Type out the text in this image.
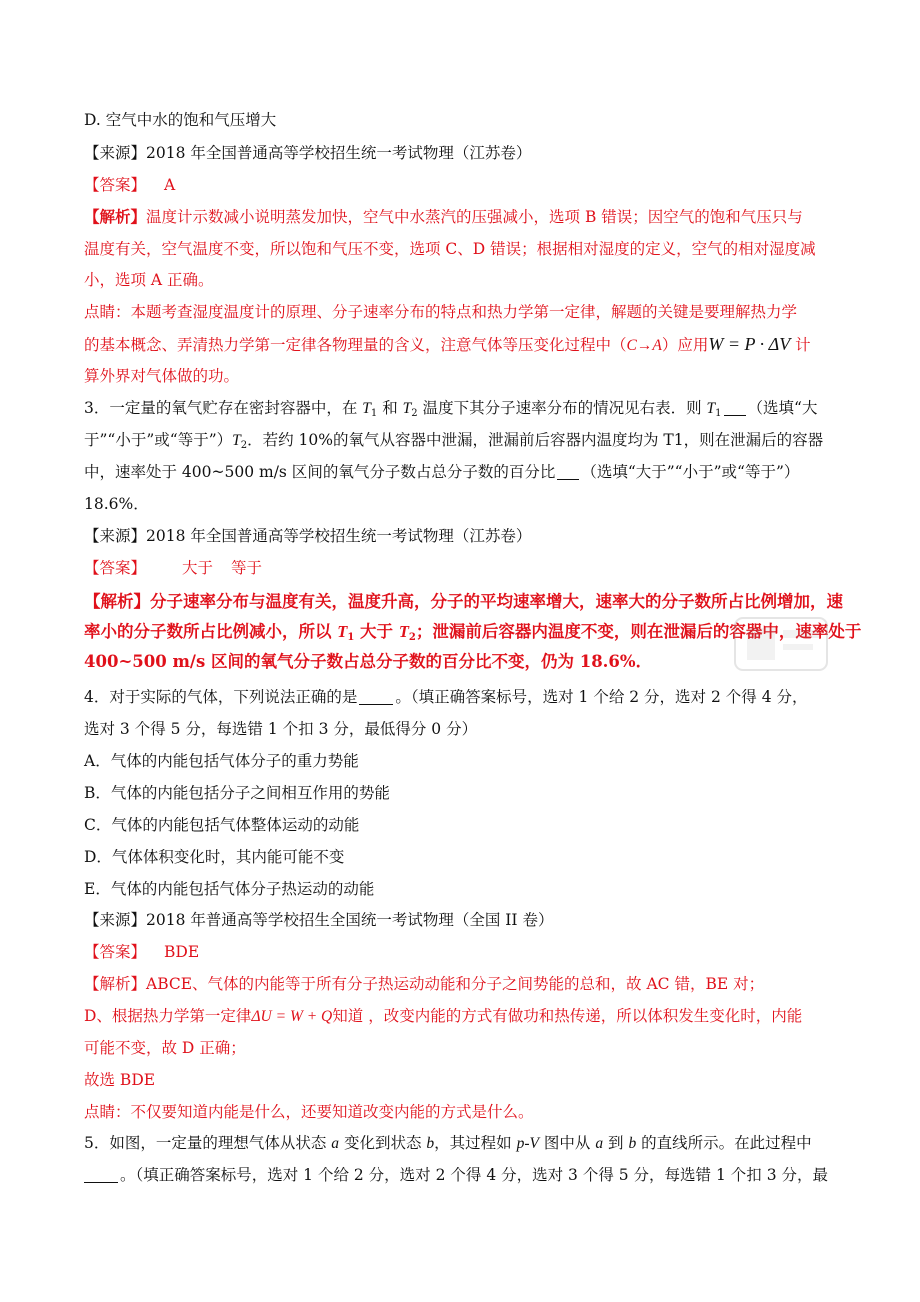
D. 空气中水的饱和气压增大
【来源】2018 年全国普通高等学校招生统一考试物理（江苏卷）
【答案】 A
【解析】温度计示数减小说明蒸发加快，空气中水蒸汽的压强减小，选项 B 错误；因空气的饱和气压只与
温度有关，空气温度不变，所以饱和气压不变，选项 C、D 错误；根据相对湿度的定义，空气的相对湿度减
小，选项 A 正确。
点睛：本题考查湿度温度计的原理、分子速率分布的特点和热力学第一定律，解题的关键是要理解热力学
的基本概念、弄清热力学第一定律各物理量的含义，注意气体等压变化过程中（C→A）应用W = P · ΔV 计
算外界对气体做的功。
3．一定量的氧气贮存在密封容器中，在 $T_1$ 和 $T_2$ 温度下其分子速率分布的情况见右表．则 $T_1$ （选填“大
于”“小于”或“等于$”)T_2$．若约 10%的氧气从容器中泄漏，泄漏前后容器内温度均为 T1，则在泄漏后的容器
中，速率处于 400~500 m/s 区间的氧气分子数占总分子数的百分比 （选填“大于”“小于”或“等于”）
18.6%．
【来源】2018 年全国普通高等学校招生统一考试物理（江苏卷）
【答案】 大于 等于
【解析】分子速率分布与温度有关，温度升高，分子的平均速率增大，速率大的分子数所占比例增加，速
率小的分子数所占比例减小，所以 $T_1$ 大于 $T_2$；泄漏前后容器内温度不变，则在泄漏后的容器中，速率处于
400~500 m/s 区间的氧气分子数占总分子数的百分比不变，仍为 18.6%．
4．对于实际的气体，下列说法正确的是 。（填正确答案标号，选对 1 个给 2 分，选对 2 个得 4 分，
选对 3 个得 5 分，每选错 1 个扣 3 分，最低得分 0 分）
A．气体的内能包括气体分子的重力势能
B．气体的内能包括分子之间相互作用的势能
C．气体的内能包括气体整体运动的动能
D．气体体积变化时，其内能可能不变
E．气体的内能包括气体分子热运动的动能
【来源】2018 年普通高等学校招生全国统一考试物理（全国 II 卷）
【答案】 BDE
【解析】ABCE、气体的内能等于所有分子热运动动能和分子之间势能的总和，故 AC 错，BE 对；
D、根据热力学第一定律ΔU = W + Q知道 ，改变内能的方式有做功和热传递，所以体积发生变化时，内能
可能不变，故 D 正确；
故选 BDE
点睛：不仅要知道内能是什么，还要知道改变内能的方式是什么。
5．如图，一定量的理想气体从状态 a 变化到状态 b，其过程如 p-V 图中从 a 到 b 的直线所示。在此过程中
。（填正确答案标号，选对 1 个给 2 分，选对 2 个得 4 分，选对 3 个得 5 分，每选错 1 个扣 3 分，最
